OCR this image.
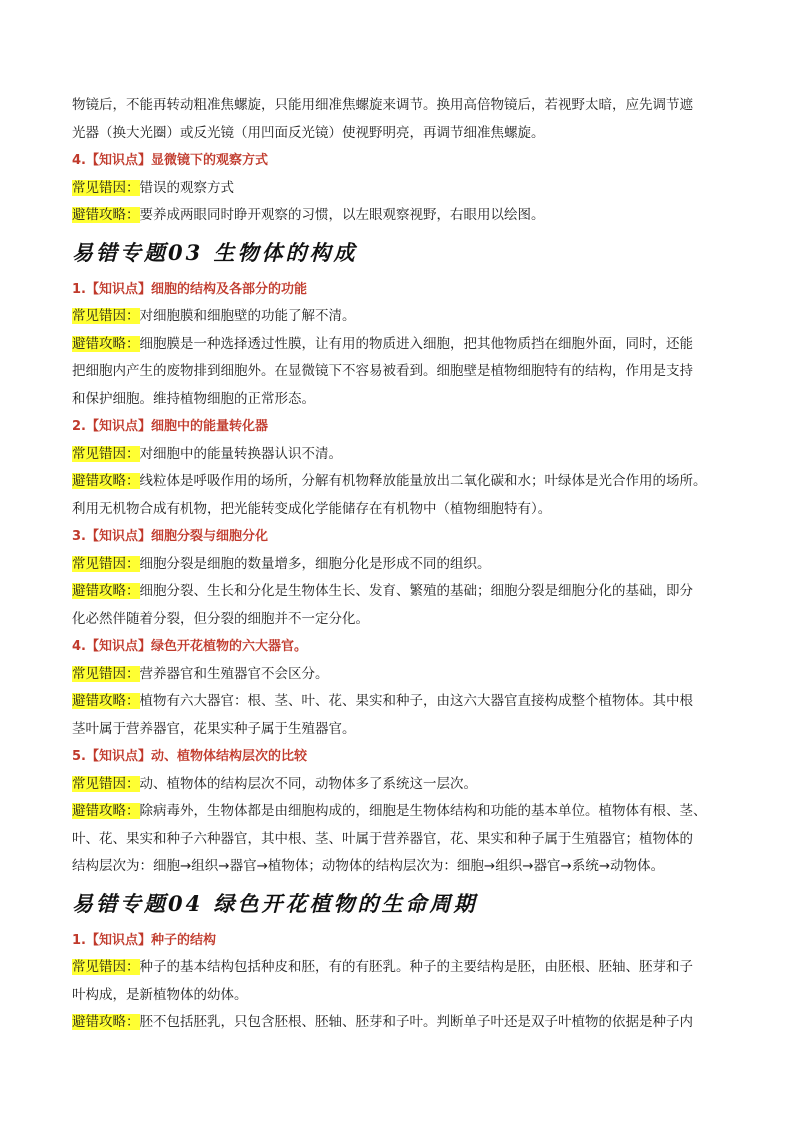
物镜后，不能再转动粗准焦螺旋，只能用细准焦螺旋来调节。换用高倍物镜后，若视野太暗，应先调节遮
光器（换大光圈）或反光镜（用凹面反光镜）使视野明亮，再调节细准焦螺旋。
4.【知识点】显微镜下的观察方式
常见错因：错误的观察方式
避错攻略：要养成两眼同时睁开观察的习惯，以左眼观察视野，右眼用以绘图。
易错专题03 生物体的构成
1.【知识点】细胞的结构及各部分的功能
常见错因：对细胞膜和细胞壁的功能了解不清。
避错攻略：细胞膜是一种选择透过性膜，让有用的物质进入细胞，把其他物质挡在细胞外面，同时，还能
把细胞内产生的废物排到细胞外。在显微镜下不容易被看到。细胞壁是植物细胞特有的结构，作用是支持
和保护细胞。维持植物细胞的正常形态。
2.【知识点】细胞中的能量转化器
常见错因：对细胞中的能量转换器认识不清。
避错攻略：线粒体是呼吸作用的场所，分解有机物释放能量放出二氧化碳和水；叶绿体是光合作用的场所。
利用无机物合成有机物，把光能转变成化学能储存在有机物中（植物细胞特有）。
3.【知识点】细胞分裂与细胞分化
常见错因：细胞分裂是细胞的数量增多，细胞分化是形成不同的组织。
避错攻略：细胞分裂、生长和分化是生物体生长、发育、繁殖的基础；细胞分裂是细胞分化的基础，即分
化必然伴随着分裂，但分裂的细胞并不一定分化。
4.【知识点】绿色开花植物的六大器官。
常见错因：营养器官和生殖器官不会区分。
避错攻略：植物有六大器官：根、茎、叶、花、果实和种子，由这六大器官直接构成整个植物体。其中根
茎叶属于营养器官，花果实种子属于生殖器官。
5.【知识点】动、植物体结构层次的比较
常见错因：动、植物体的结构层次不同，动物体多了系统这一层次。
避错攻略：除病毒外，生物体都是由细胞构成的，细胞是生物体结构和功能的基本单位。植物体有根、茎、
叶、花、果实和种子六种器官，其中根、茎、叶属于营养器官，花、果实和种子属于生殖器官；植物体的
结构层次为：细胞→组织→器官→植物体；动物体的结构层次为：细胞→组织→器官→系统→动物体。
易错专题04 绿色开花植物的生命周期
1.【知识点】种子的结构
常见错因：种子的基本结构包括种皮和胚，有的有胚乳。种子的主要结构是胚，由胚根、胚轴、胚芽和子
叶构成，是新植物体的幼体。
避错攻略：胚不包括胚乳，只包含胚根、胚轴、胚芽和子叶。判断单子叶还是双子叶植物的依据是种子内
